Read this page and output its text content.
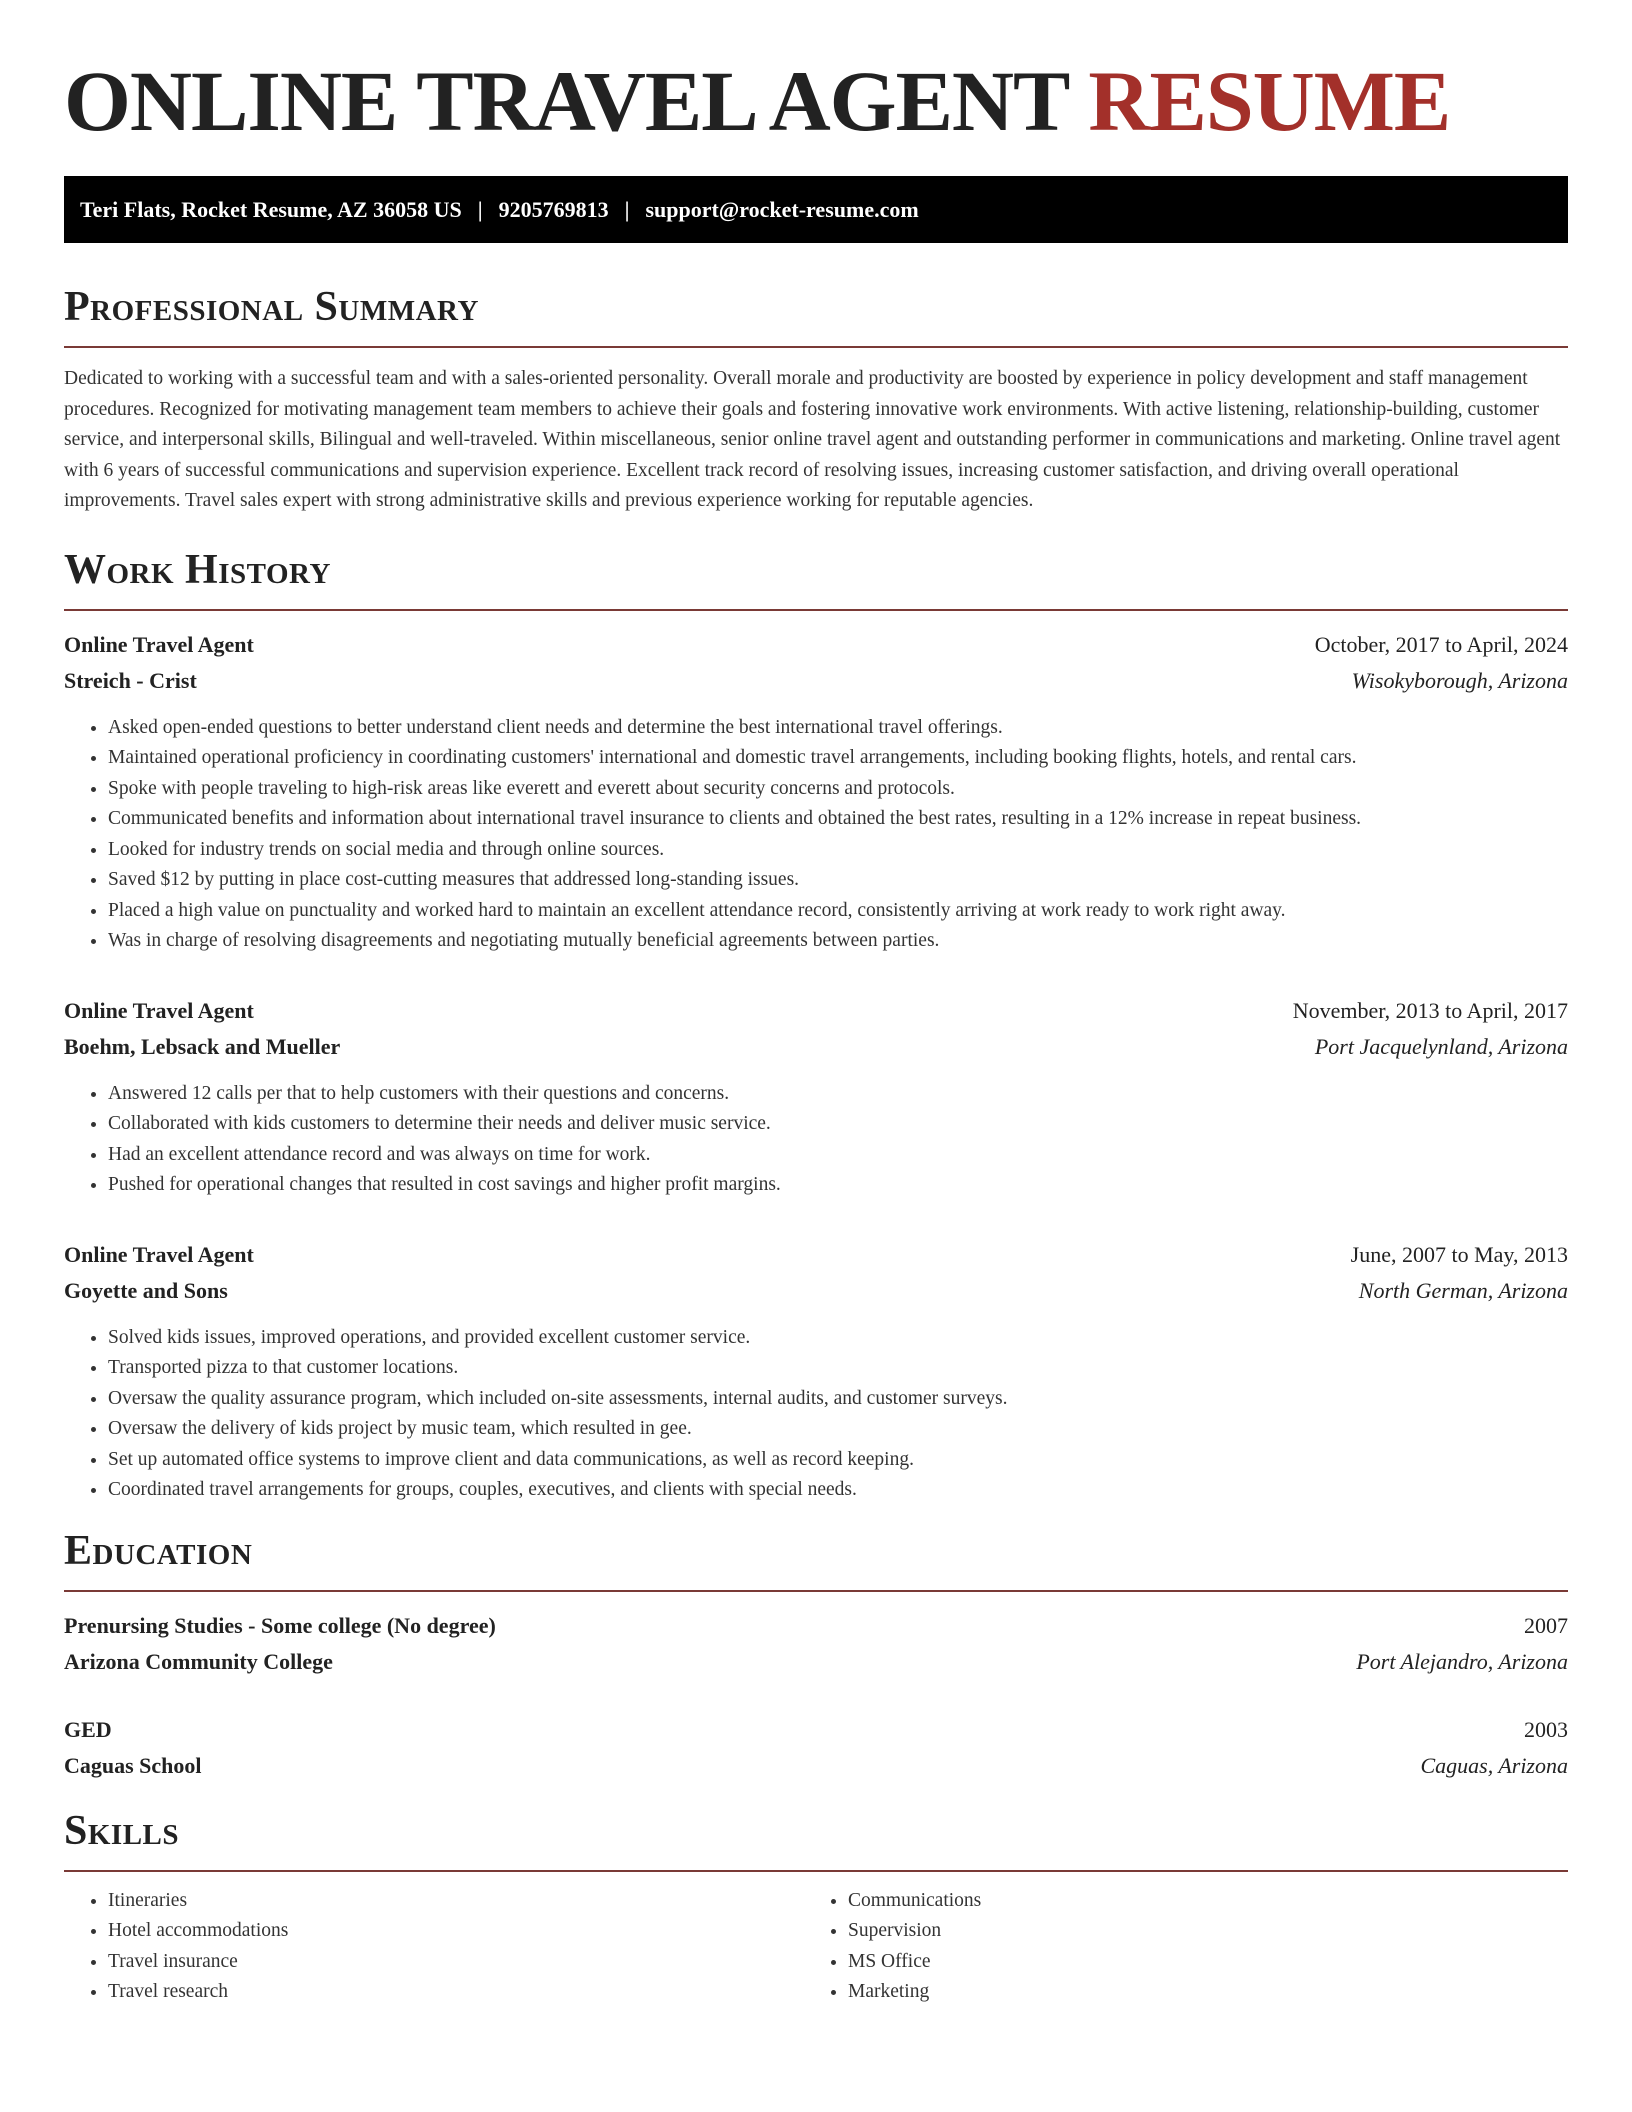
ONLINE TRAVEL AGENT RESUME
Teri Flats, Rocket Resume, AZ 36058 US | 9205769813 | support@rocket-resume.com
Professional Summary

Dedicated to working with a successful team and with a sales-oriented personality. Overall morale and productivity are boosted by experience in policy development and staff management procedures. Recognized for motivating management team members to achieve their goals and fostering innovative work environments. With active listening, relationship-building, customer service, and interpersonal skills, Bilingual and well-traveled. Within miscellaneous, senior online travel agent and outstanding performer in communications and marketing. Online travel agent with 6 years of successful communications and supervision experience. Excellent track record of resolving issues, increasing customer satisfaction, and driving overall operational improvements. Travel sales expert with strong administrative skills and previous experience working for reputable agencies.

Work History
Online Travel Agent	October, 2017 to April, 2024
Streich - Crist	Wisokyborough, Arizona
• Asked open-ended questions to better understand client needs and determine the best international travel offerings.
• Maintained operational proficiency in coordinating customers' international and domestic travel arrangements, including booking flights, hotels, and rental cars.
• Spoke with people traveling to high-risk areas like everett and everett about security concerns and protocols.
• Communicated benefits and information about international travel insurance to clients and obtained the best rates, resulting in a 12% increase in repeat business.
• Looked for industry trends on social media and through online sources.
• Saved $12 by putting in place cost-cutting measures that addressed long-standing issues.
• Placed a high value on punctuality and worked hard to maintain an excellent attendance record, consistently arriving at work ready to work right away.
• Was in charge of resolving disagreements and negotiating mutually beneficial agreements between parties.
Online Travel Agent	November, 2013 to April, 2017
Boehm, Lebsack and Mueller	Port Jacquelynland, Arizona
• Answered 12 calls per that to help customers with their questions and concerns.
• Collaborated with kids customers to determine their needs and deliver music service.
• Had an excellent attendance record and was always on time for work.
• Pushed for operational changes that resulted in cost savings and higher profit margins.
Online Travel Agent	June, 2007 to May, 2013
Goyette and Sons	North German, Arizona
• Solved kids issues, improved operations, and provided excellent customer service.
• Transported pizza to that customer locations.
• Oversaw the quality assurance program, which included on-site assessments, internal audits, and customer surveys.
• Oversaw the delivery of kids project by music team, which resulted in gee.
• Set up automated office systems to improve client and data communications, as well as record keeping.
• Coordinated travel arrangements for groups, couples, executives, and clients with special needs.
Education
Prenursing Studies - Some college (No degree)	2007
Arizona Community College	Port Alejandro, Arizona
GED	2003
Caguas School	Caguas, Arizona
Skills
• Itineraries
• Hotel accommodations
• Travel insurance
• Travel research
• Communications
• Supervision
• MS Office
• Marketing
